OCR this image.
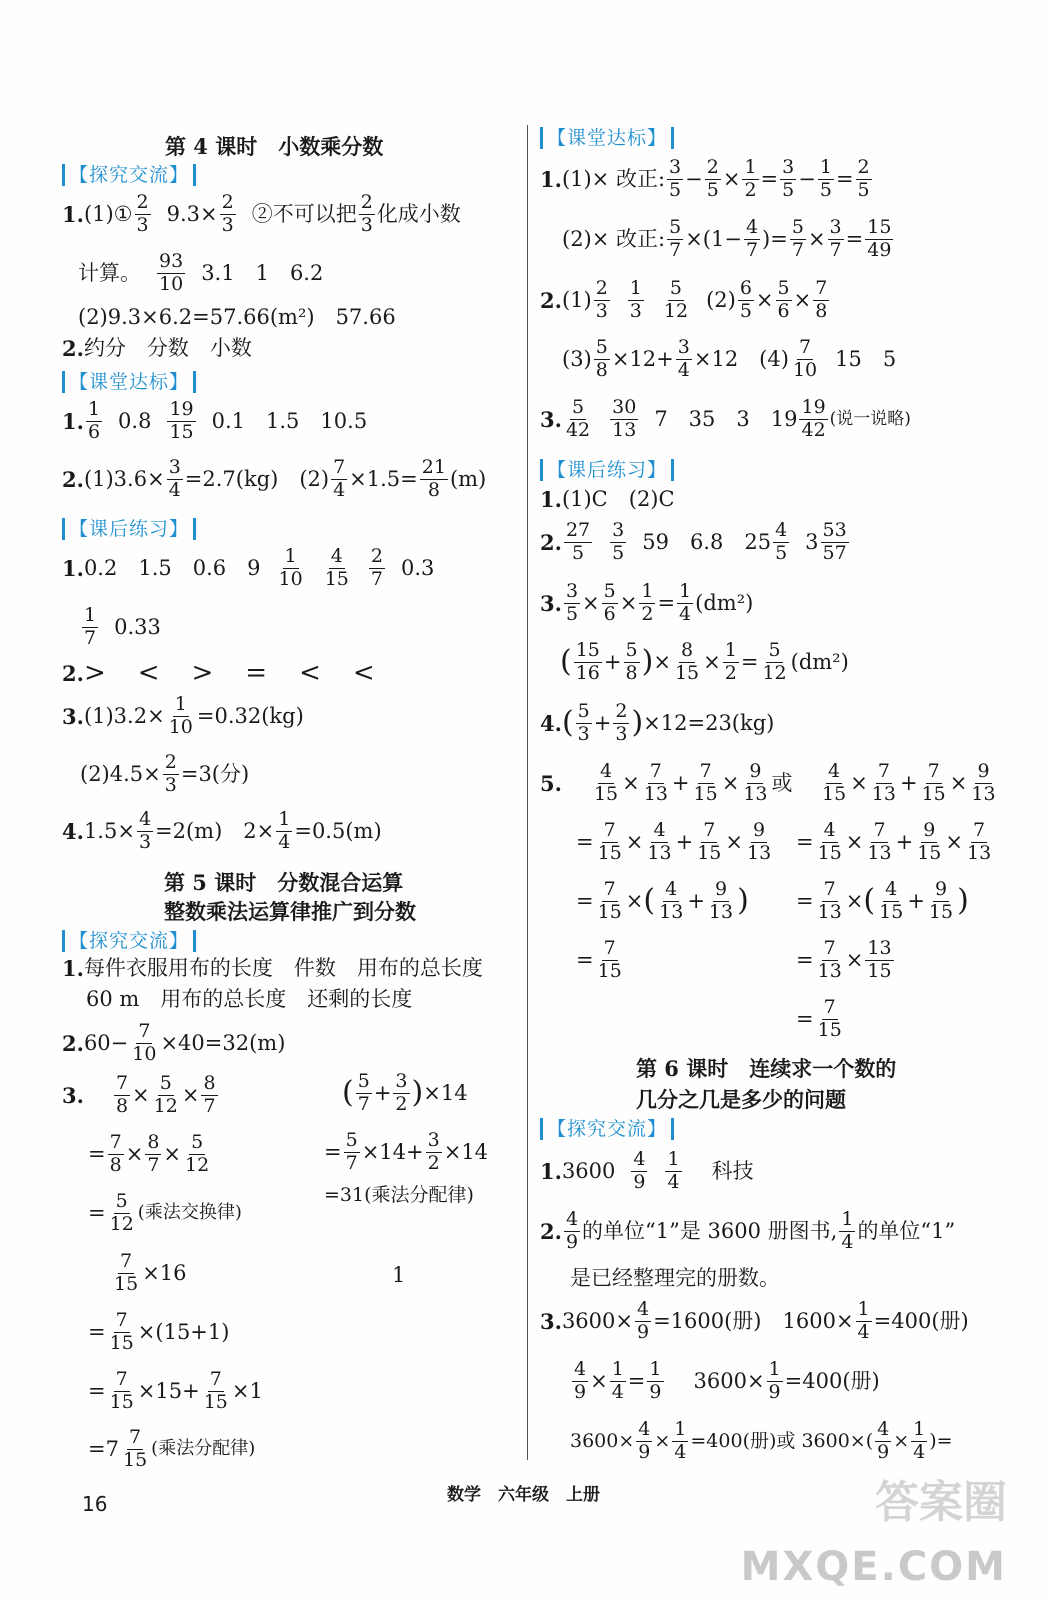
第 4 课时　小数乘分数
【探究交流】
1. (1)① $\frac{2}{3} 9.3\times \frac{2}{3}$ ②不可以把 $\frac{2}{3}$ 化成小数
计算。 $\frac{93}{10} 3.1$　1　6.2
(2)9.3×6.2=57.66(m²)　57.66
2. 约分　分数　小数
【课堂达标】
1. $\frac{1}{6} 0.8 \frac{19}{15} 0.1$　1.5　10.5
2. $(1)3.6\times \frac{3}{4} =2.7(kg)$　$(2) \frac{7}{4} \times 1.5= \frac{21}{8} (m)$
【课后练习】
1. 0.2　1.5　0.6　$9 \frac{1}{10} \frac{4}{15} \frac{2}{7} 0.3$
$\frac{1}{7} 0.33$
2. >　<　>　=　<　<
3. $(1)3.2\times \frac{1}{10} =0.32(kg)$
$(2)4.5\times \frac{2}{3} =3$(分)
4. $1.5\times \frac{4}{3} =2(m)$　$2\times \frac{1}{4} =0.5(m)$
第 5 课时　分数混合运算
整数乘法运算律推广到分数
【探究交流】
1. 每件衣服用布的长度　件数　用布的总长度
60 m　用布的总长度　还剩的长度
2. $60- \frac{7}{10} \times 40=32(m)$
3. $\frac{7}{8} \times \frac{5}{12} \times \frac{8}{7}$
= $\frac{7}{8} \times \frac{8}{7} \times \frac{5}{12}$
= $\frac{5}{12}$ (乘法交换律)
( $\frac{5}{7} + \frac{3}{2}$ ) ×14
= $\frac{5}{7} \times 14+ \frac{3}{2} \times 14$
=31(乘法分配律)
1
$\frac{7}{15} \times 16$
= $\frac{7}{15} \times(15+1)$
= $\frac{7}{15} \times 15+ \frac{7}{15} \times 1$
= $7 \frac{7}{15}$ (乘法分配律)
【课堂达标】
1. (1)× 改正: $\frac{3}{5} - \frac{2}{5} \times \frac{1}{2} = \frac{3}{5} - \frac{1}{5} = \frac{2}{5}$
(2)× 改正: $\frac{5}{7} \times(1- \frac{4}{7}$ ) = $\frac{5}{7} \times \frac{3}{7} = \frac{15}{49}$
2. $(1) \frac{2}{3} \frac{1}{3} \frac{5}{12} (2) \frac{6}{5} \times \frac{5}{6} \times \frac{7}{8}$
$(3) \frac{5}{8} \times 12+ \frac{3}{4} \times 12$　$(4) \frac{7}{10} 15$　5
3. $\frac{5}{42} \frac{30}{13} 7$　35　3　$19 \frac{19}{42}$ (说一说略)
【课后练习】
1. (1)C　(2)C
2. $\frac{27}{5} \frac{3}{5} 59$　6.8　$25 \frac{4}{5} 3 \frac{53}{57}$
3. $\frac{3}{5} \times \frac{5}{6} \times \frac{1}{2} = \frac{1}{4} (dm^2)$
( $\frac{15}{16} + \frac{5}{8}$ ) × $\frac{8}{15} \times \frac{1}{2} = \frac{5}{12} (dm^2)$
4. ( $\frac{5}{3} + \frac{2}{3}$ ) ×12=23(kg)
5. $\frac{4}{15} \times \frac{7}{13} + \frac{7}{15} \times \frac{9}{13}$ 或
= $\frac{7}{15} \times \frac{4}{13} + \frac{7}{15} \times \frac{9}{13}$
= $\frac{7}{15}$ × ( $\frac{4}{13} + \frac{9}{13}$ )
= $\frac{7}{15}$
$\frac{4}{15} \times \frac{7}{13} + \frac{7}{15} \times \frac{9}{13}$
= $\frac{4}{15} \times \frac{7}{13} + \frac{9}{15} \times \frac{7}{13}$
= $\frac{7}{13}$ × ( $\frac{4}{15} + \frac{9}{15}$ )
= $\frac{7}{13} \times \frac{13}{15}$
= $\frac{7}{15}$
第 6 课时　连续求一个数的
几分之几是多少的问题
【探究交流】
1. $3600 \frac{4}{9} \frac{1}{4}$ 科技
2. $\frac{4}{9}$ 的单位“1”是 3600 册图书, $\frac{1}{4}$ 的单位“1”
是已经整理完的册数。
3. $3600\times \frac{4}{9} =1600$(册)　$1600\times \frac{1}{4} =400$(册)
$\frac{4}{9} \times \frac{1}{4} = \frac{1}{9} 3600\times \frac{1}{9} =400$(册)
$3600\times \frac{4}{9} \times \frac{1}{4} =400$(册)或 $3600\times( \frac{4}{9} \times \frac{1}{4}$ ) =
16	数学　六年级　上册	答案圈
MXQE.COM
